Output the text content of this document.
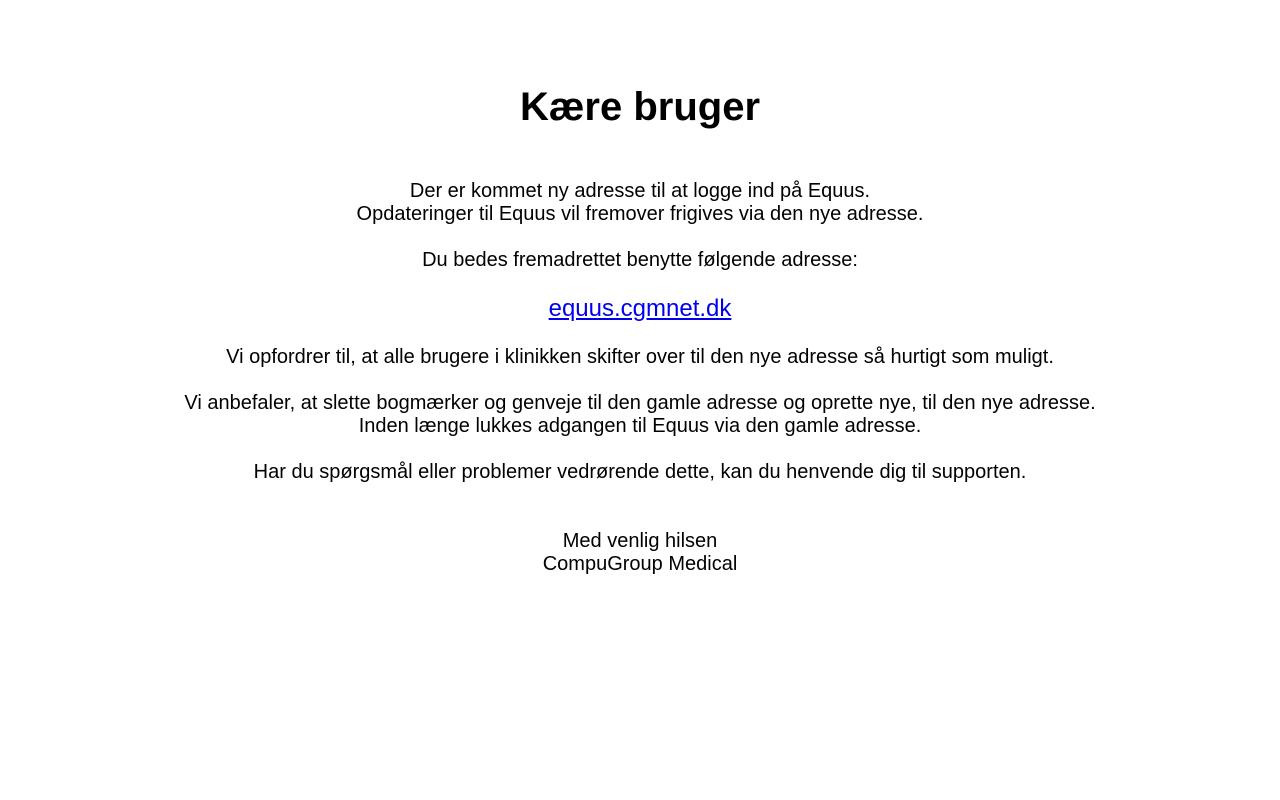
Kære bruger
Der er kommet ny adresse til at logge ind på Equus.
Opdateringer til Equus vil fremover frigives via den nye adresse.
Du bedes fremadrettet benytte følgende adresse:
equus.cgmnet.dk
Vi opfordrer til, at alle brugere i klinikken skifter over til den nye adresse så hurtigt som muligt.
Vi anbefaler, at slette bogmærker og genveje til den gamle adresse og oprette nye, til den nye adresse.
Inden længe lukkes adgangen til Equus via den gamle adresse.
Har du spørgsmål eller problemer vedrørende dette, kan du henvende dig til supporten.
Med venlig hilsen
CompuGroup Medical
